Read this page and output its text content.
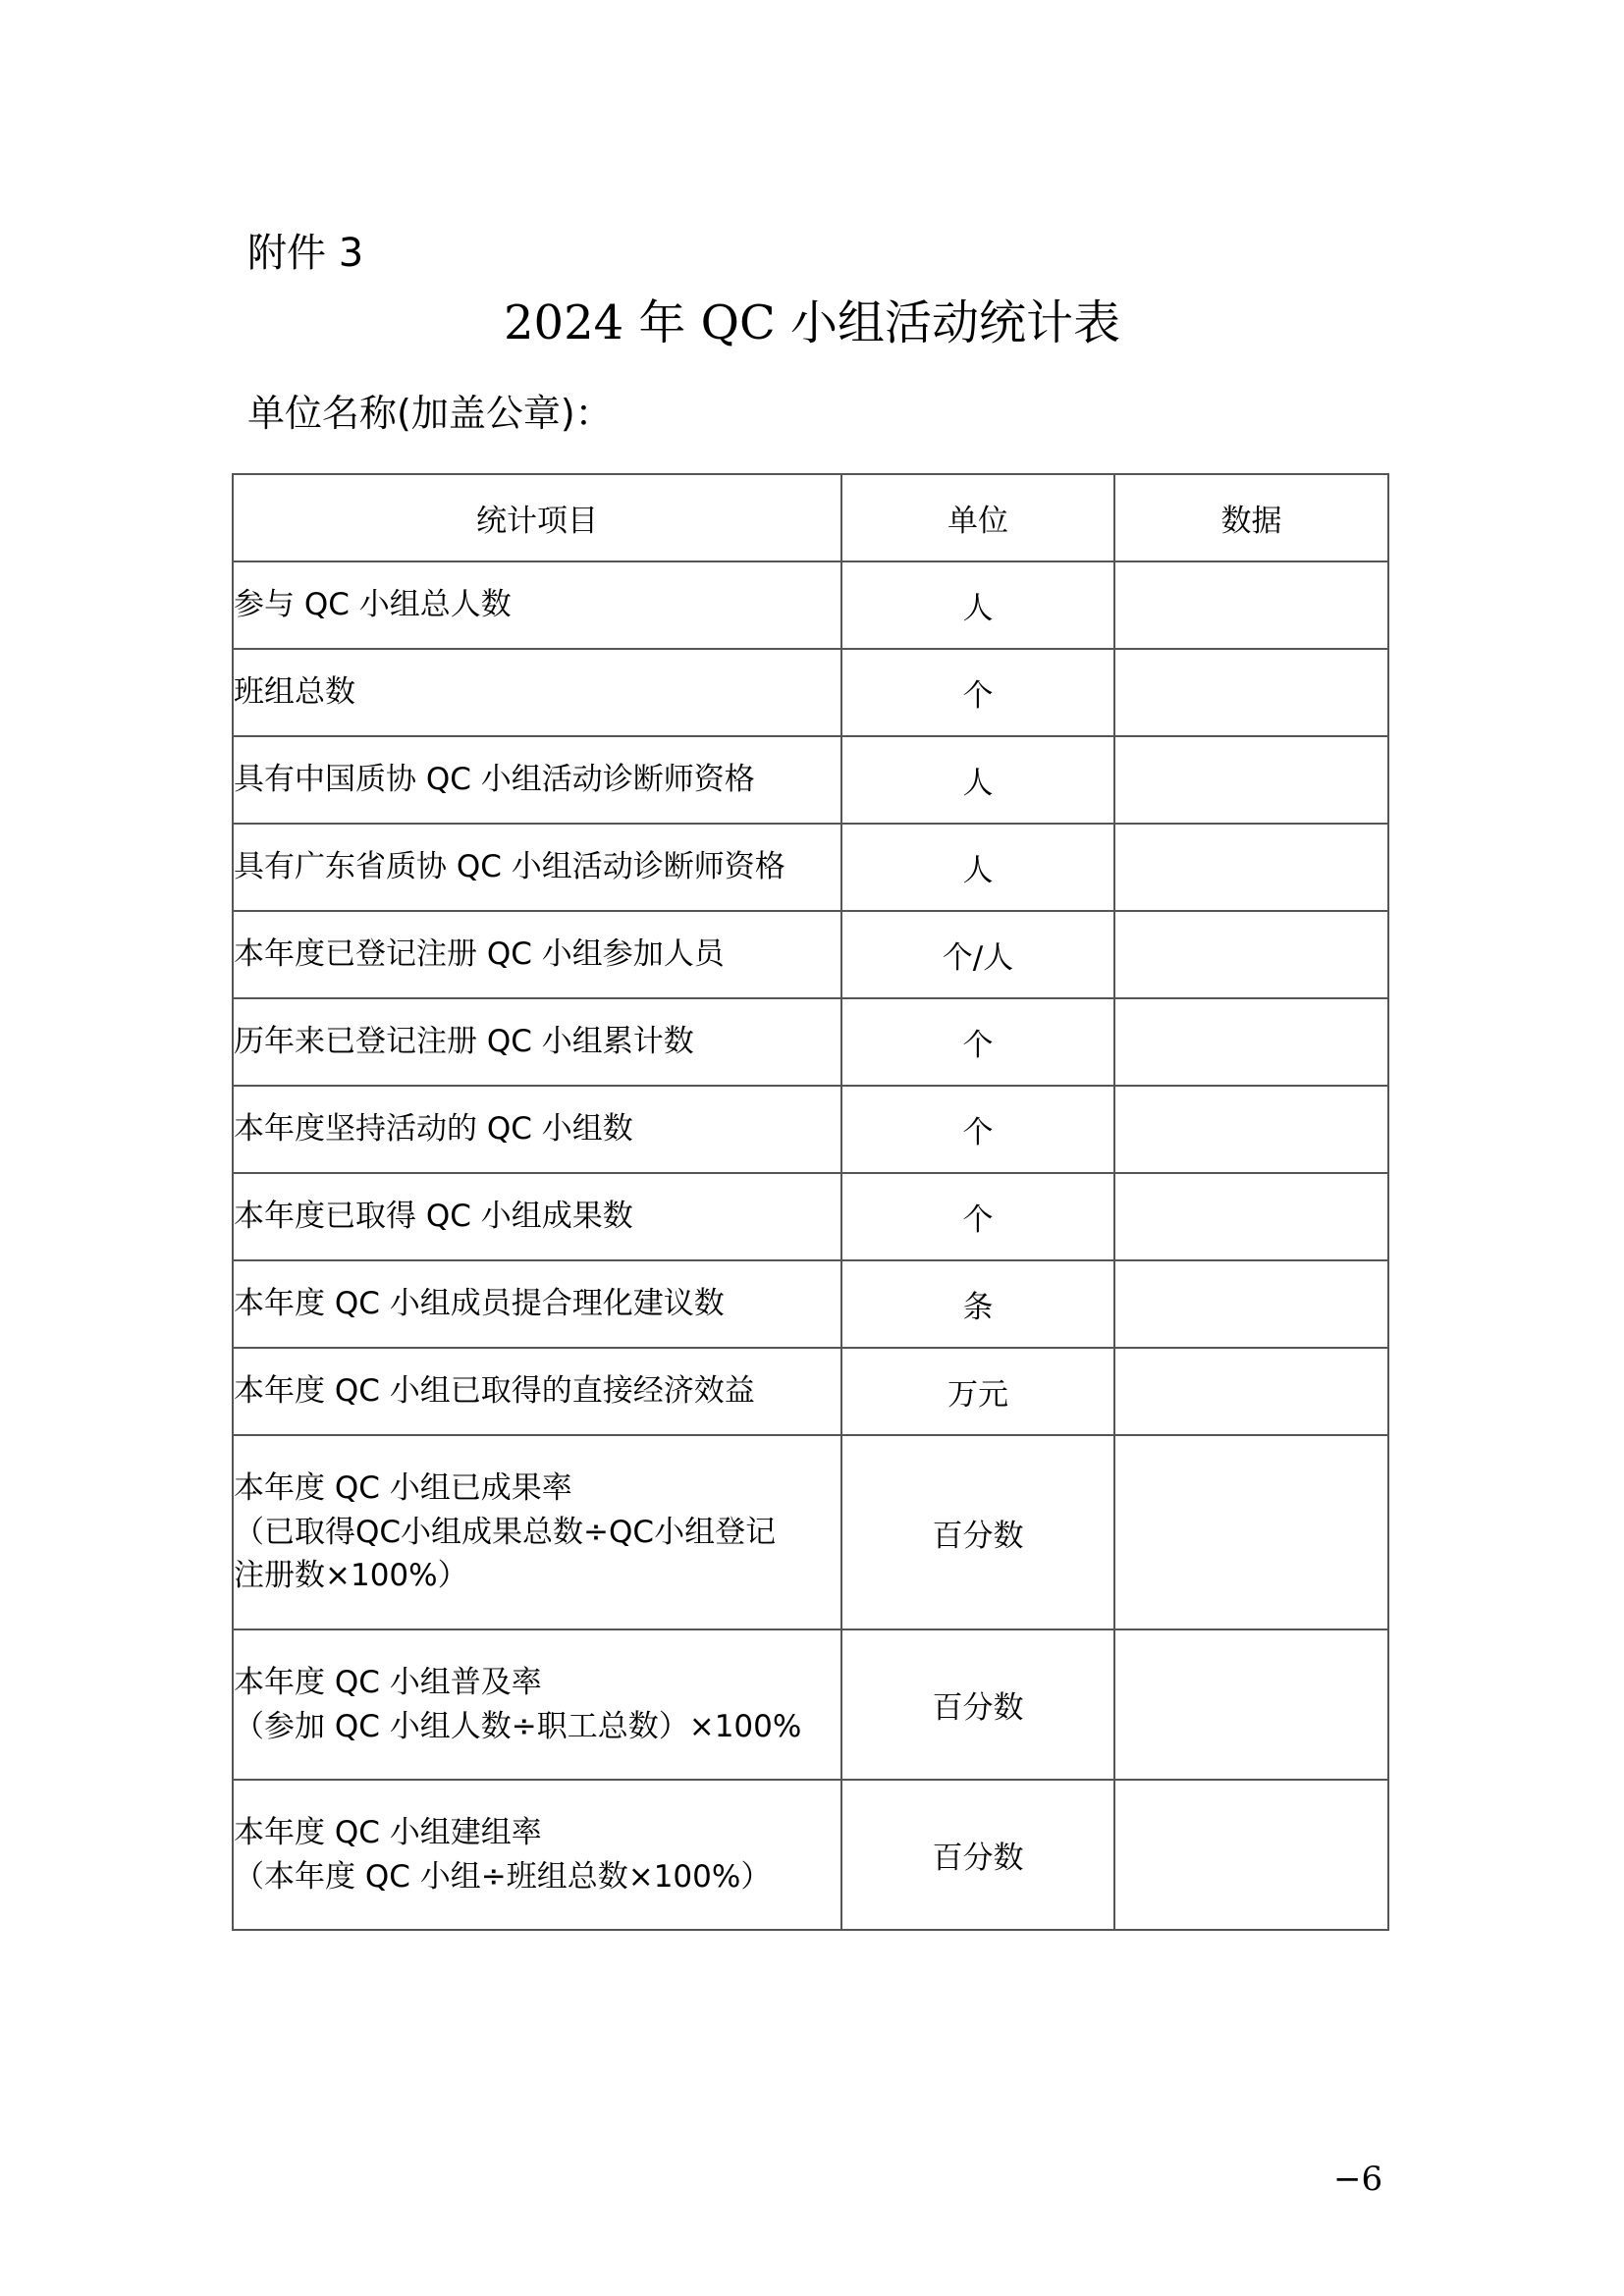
附件 3
2024 年 QC 小组活动统计表
单位名称(加盖公章)：
统计项目	单位	数据

参与 QC 小组总人数	人	

班组总数	个	

具有中国质协 QC 小组活动诊断师资格	人	

具有广东省质协 QC 小组活动诊断师资格	人	

本年度已登记注册 QC 小组参加人员	个/人	

历年来已登记注册 QC 小组累计数	个	

本年度坚持活动的 QC 小组数	个	

本年度已取得 QC 小组成果数	个	

本年度 QC 小组成员提合理化建议数	条	

本年度 QC 小组已取得的直接经济效益	万元	

本年度 QC 小组已成果率
（已取得QC小组成果总数÷QC小组登记
注册数×100%）	百分数	

本年度 QC 小组普及率
（参加 QC 小组人数÷职工总数）×100%	百分数	

本年度 QC 小组建组率
（本年度 QC 小组÷班组总数×100%）	百分数	
−6
